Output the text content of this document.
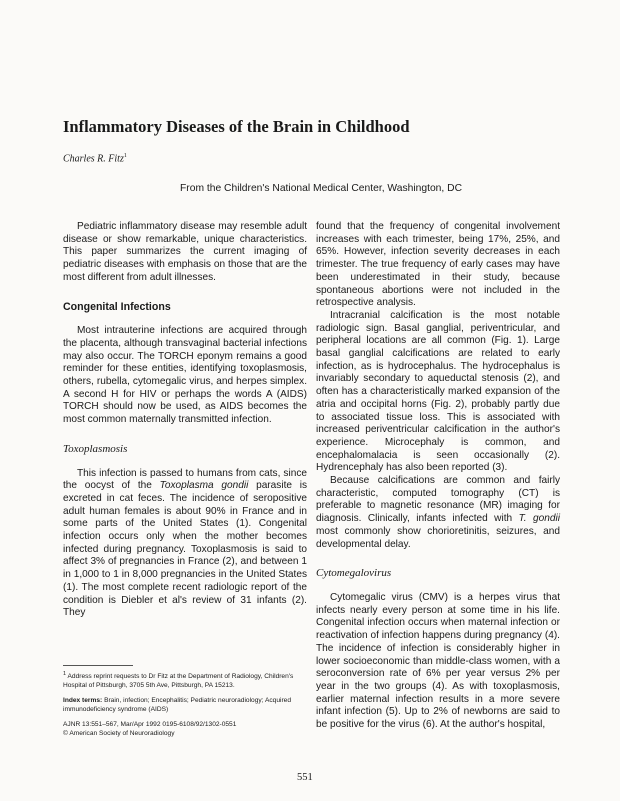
Inflammatory Diseases of the Brain in Childhood
Charles R. Fitz$^1$
From the Children's National Medical Center, Washington, DC

Pediatric inflammatory disease may resemble adult disease or show remarkable, unique characteristics. This paper summarizes the current imaging of pediatric diseases with emphasis on those that are the most different from adult illnesses.

Congenital Infections

Most intrauterine infections are acquired through the placenta, although transvaginal bacterial infections may also occur. The TORCH eponym remains a good reminder for these entities, identifying toxoplasmosis, others, rubella, cytomegalic virus, and herpes simplex. A second H for HIV or perhaps the words A (AIDS) TORCH should now be used, as AIDS becomes the most common maternally transmitted infection.

Toxoplasmosis

This infection is passed to humans from cats, since the oocyst of the Toxoplasma gondii parasite is excreted in cat feces. The incidence of seropositive adult human females is about 90% in France and in some parts of the United States (1). Congenital infection occurs only when the mother becomes infected during pregnancy. Toxoplasmosis is said to affect 3% of pregnancies in France (2), and between 1 in 1,000 to 1 in 8,000 pregnancies in the United States (1). The most complete recent radiologic report of the condition is Diebler et al's review of 31 infants (2). They

found that the frequency of congenital involvement increases with each trimester, being 17%, 25%, and 65%. However, infection severity decreases in each trimester. The true frequency of early cases may have been underestimated in their study, because spontaneous abortions were not included in the retrospective analysis.

Intracranial calcification is the most notable radiologic sign. Basal ganglial, periventricular, and peripheral locations are all common (Fig. 1). Large basal ganglial calcifications are related to early infection, as is hydrocephalus. The hydrocephalus is invariably secondary to aqueductal stenosis (2), and often has a characteristically marked expansion of the atria and occipital horns (Fig. 2), probably partly due to associated tissue loss. This is associated with increased periventricular calcification in the author's experience. Microcephaly is common, and encephalomalacia is seen occasionally (2). Hydrencephaly has also been reported (3).

Because calcifications are common and fairly characteristic, computed tomography (CT) is preferable to magnetic resonance (MR) imaging for diagnosis. Clinically, infants infected with T. gondii most commonly show chorioretinitis, seizures, and developmental delay.

Cytomegalovirus

Cytomegalic virus (CMV) is a herpes virus that infects nearly every person at some time in his life. Congenital infection occurs when maternal infection or reactivation of infection happens during pregnancy (4). The incidence of infection is considerably higher in lower socioeconomic than middle-class women, with a seroconversion rate of 6% per year versus 2% per year in the two groups (4). As with toxoplasmosis, earlier maternal infection results in a more severe infant infection (5). Up to 2% of newborns are said to be positive for the virus (6). At the author's hospital,

$^1$ Address reprint requests to Dr Fitz at the Department of Radiology, Children's Hospital of Pittsburgh, 3705 5th Ave, Pittsburgh, PA 15213.
Index terms: Brain, infection; Encephalitis; Pediatric neuroradiology; Acquired immunodeficiency syndrome (AIDS)
AJNR 13:551–567, Mar/Apr 1992 0195-6108/92/1302-0551
© American Society of Neuroradiology
551
